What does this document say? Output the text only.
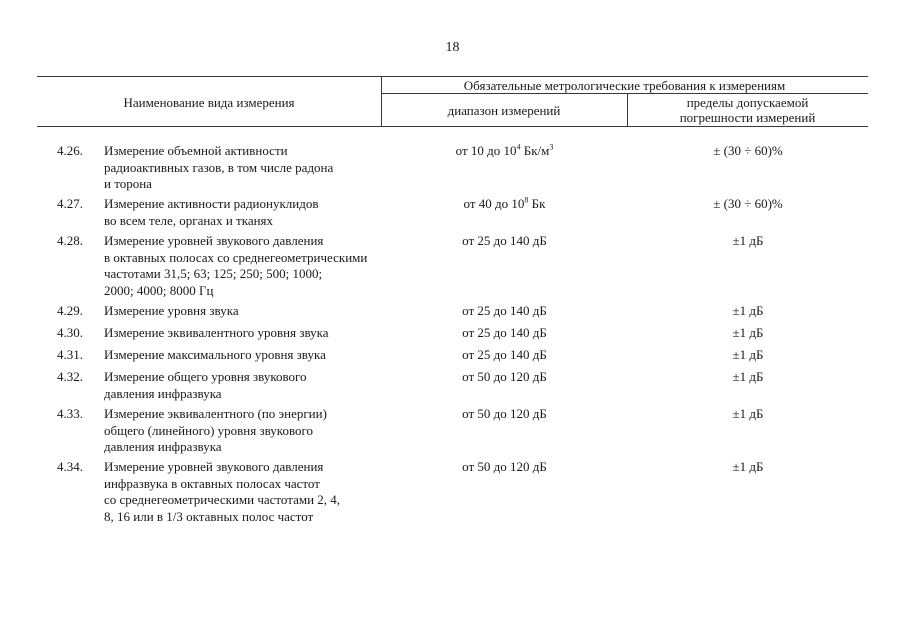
18
Наименование вида измерения
Обязательные метрологические требования к измерениям
диапазон измерений
пределы допускаемой
погрешности измерений
4.26.	Измерение объемной активности
радиоактивных газов, в том числе радона
и торона
от 10 до $10^4$ $Бк/м^3$	± (30 ÷ 60)%
4.27.	Измерение активности радионуклидов
во всем теле, органах и тканях
от 40 до $10^8$ Бк	± (30 ÷ 60)%
4.28.	Измерение уровней звукового давления
в октавных полосах со среднегеометрическими
частотами 31,5; 63; 125; 250; 500; 1000;
2000; 4000; 8000 Гц
от 25 до 140 дБ	±1 дБ
4.29.	Измерение уровня звука	от 25 до 140 дБ	±1 дБ
4.30.	Измерение эквивалентного уровня звука	от 25 до 140 дБ	±1 дБ
4.31.	Измерение максимального уровня звука	от 25 до 140 дБ	±1 дБ
4.32.	Измерение общего уровня звукового
давления инфразвука
от 50 до 120 дБ	±1 дБ
4.33.	Измерение эквивалентного (по энергии)
общего (линейного) уровня звукового
давления инфразвука
от 50 до 120 дБ	±1 дБ
4.34.	Измерение уровней звукового давления
инфразвука в октавных полосах частот
со среднегеометрическими частотами 2, 4,
8, 16 или в 1/3 октавных полос частот
от 50 до 120 дБ	±1 дБ
